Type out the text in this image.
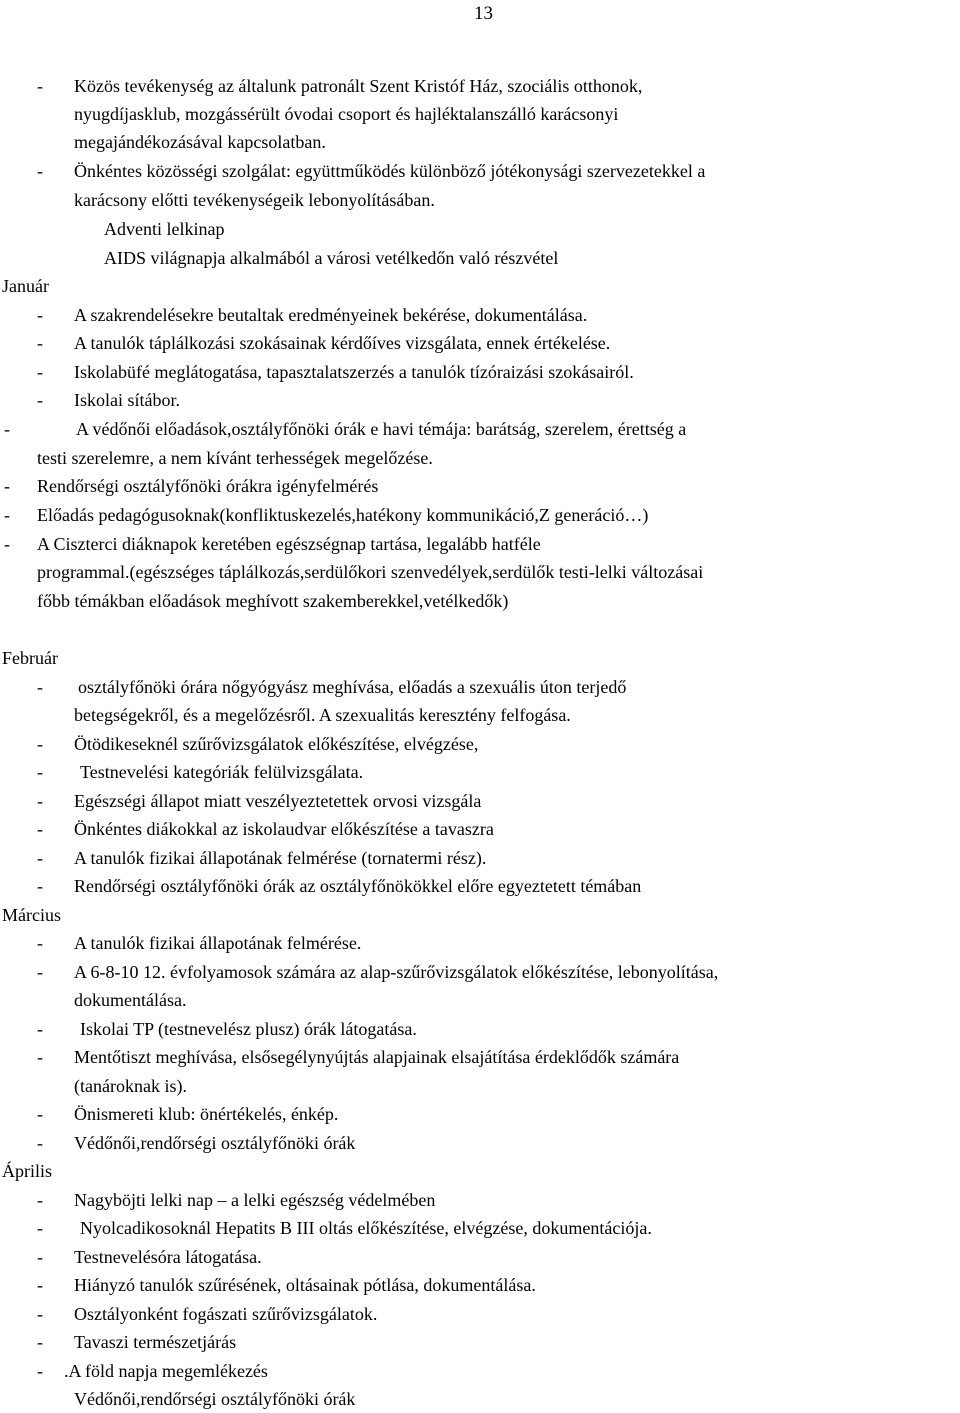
13
- Közös tevékenység az általunk patronált Szent Kristóf Ház, szociális otthonok,
nyugdíjasklub, mozgássérült óvodai csoport és hajléktalanszálló karácsonyi
megajándékozásával kapcsolatban.
- Önkéntes közösségi szolgálat: együttműködés különböző jótékonysági szervezetekkel a
karácsony előtti tevékenységeik lebonyolításában.
Adventi lelkinap
AIDS világnapja alkalmából a városi vetélkedőn való részvétel
Január
- A szakrendelésekre beutaltak eredményeinek bekérése, dokumentálása.
- A tanulók táplálkozási szokásainak kérdőíves vizsgálata, ennek értékelése.
- Iskolabüfé meglátogatása, tapasztalatszerzés a tanulók tízóraizási szokásairól.
- Iskolai sítábor.
-	A védőnői előadások,osztályfőnöki órák e havi témája: barátság, szerelem, érettség a
testi szerelemre, a nem kívánt terhességek megelőzése.
- Rendőrségi osztályfőnöki órákra igényfelmérés
- Előadás pedagógusoknak(konfliktuskezelés,hatékony kommunikáció,Z generáció…)
- A Ciszterci diáknapok keretében egészségnap tartása, legalább hatféle
programmal.(egészséges táplálkozás,serdülőkori szenvedélyek,serdülők testi-lelki változásai
főbb témákban előadások meghívott szakemberekkel,vetélkedők)
Február
- osztályfőnöki órára nőgyógyász meghívása, előadás a szexuális úton terjedő
betegségekről, és a megelőzésről. A szexualitás keresztény felfogása.
- Ötödikeseknél szűrővizsgálatok előkészítése, elvégzése,
- Testnevelési kategóriák felülvizsgálata.
- Egészségi állapot miatt veszélyeztetettek orvosi vizsgála
- Önkéntes diákokkal az iskolaudvar előkészítése a tavaszra
- A tanulók fizikai állapotának felmérése (tornatermi rész).
- Rendőrségi osztályfőnöki órák az osztályfőnökökkel előre egyeztetett témában
Március
- A tanulók fizikai állapotának felmérése.
- A 6-8-10 12. évfolyamosok számára az alap-szűrővizsgálatok előkészítése, lebonyolítása,
dokumentálása.
- Iskolai TP (testnevelész plusz) órák látogatása.
- Mentőtiszt meghívása, elsősegélynyújtás alapjainak elsajátítása érdeklődők számára
(tanároknak is).
- Önismereti klub: önértékelés, énkép.
- Védőnői,rendőrségi osztályfőnöki órák
Április
- Nagyböjti lelki nap – a lelki egészség védelmében
- Nyolcadikosoknál Hepatits B III oltás előkészítése, elvégzése, dokumentációja.
- Testnevelésóra látogatása.
- Hiányzó tanulók szűrésének, oltásainak pótlása, dokumentálása.
- Osztályonként fogászati szűrővizsgálatok.
- Tavaszi természetjárás
- .A föld napja megemlékezés
Védőnői,rendőrségi osztályfőnöki órák
